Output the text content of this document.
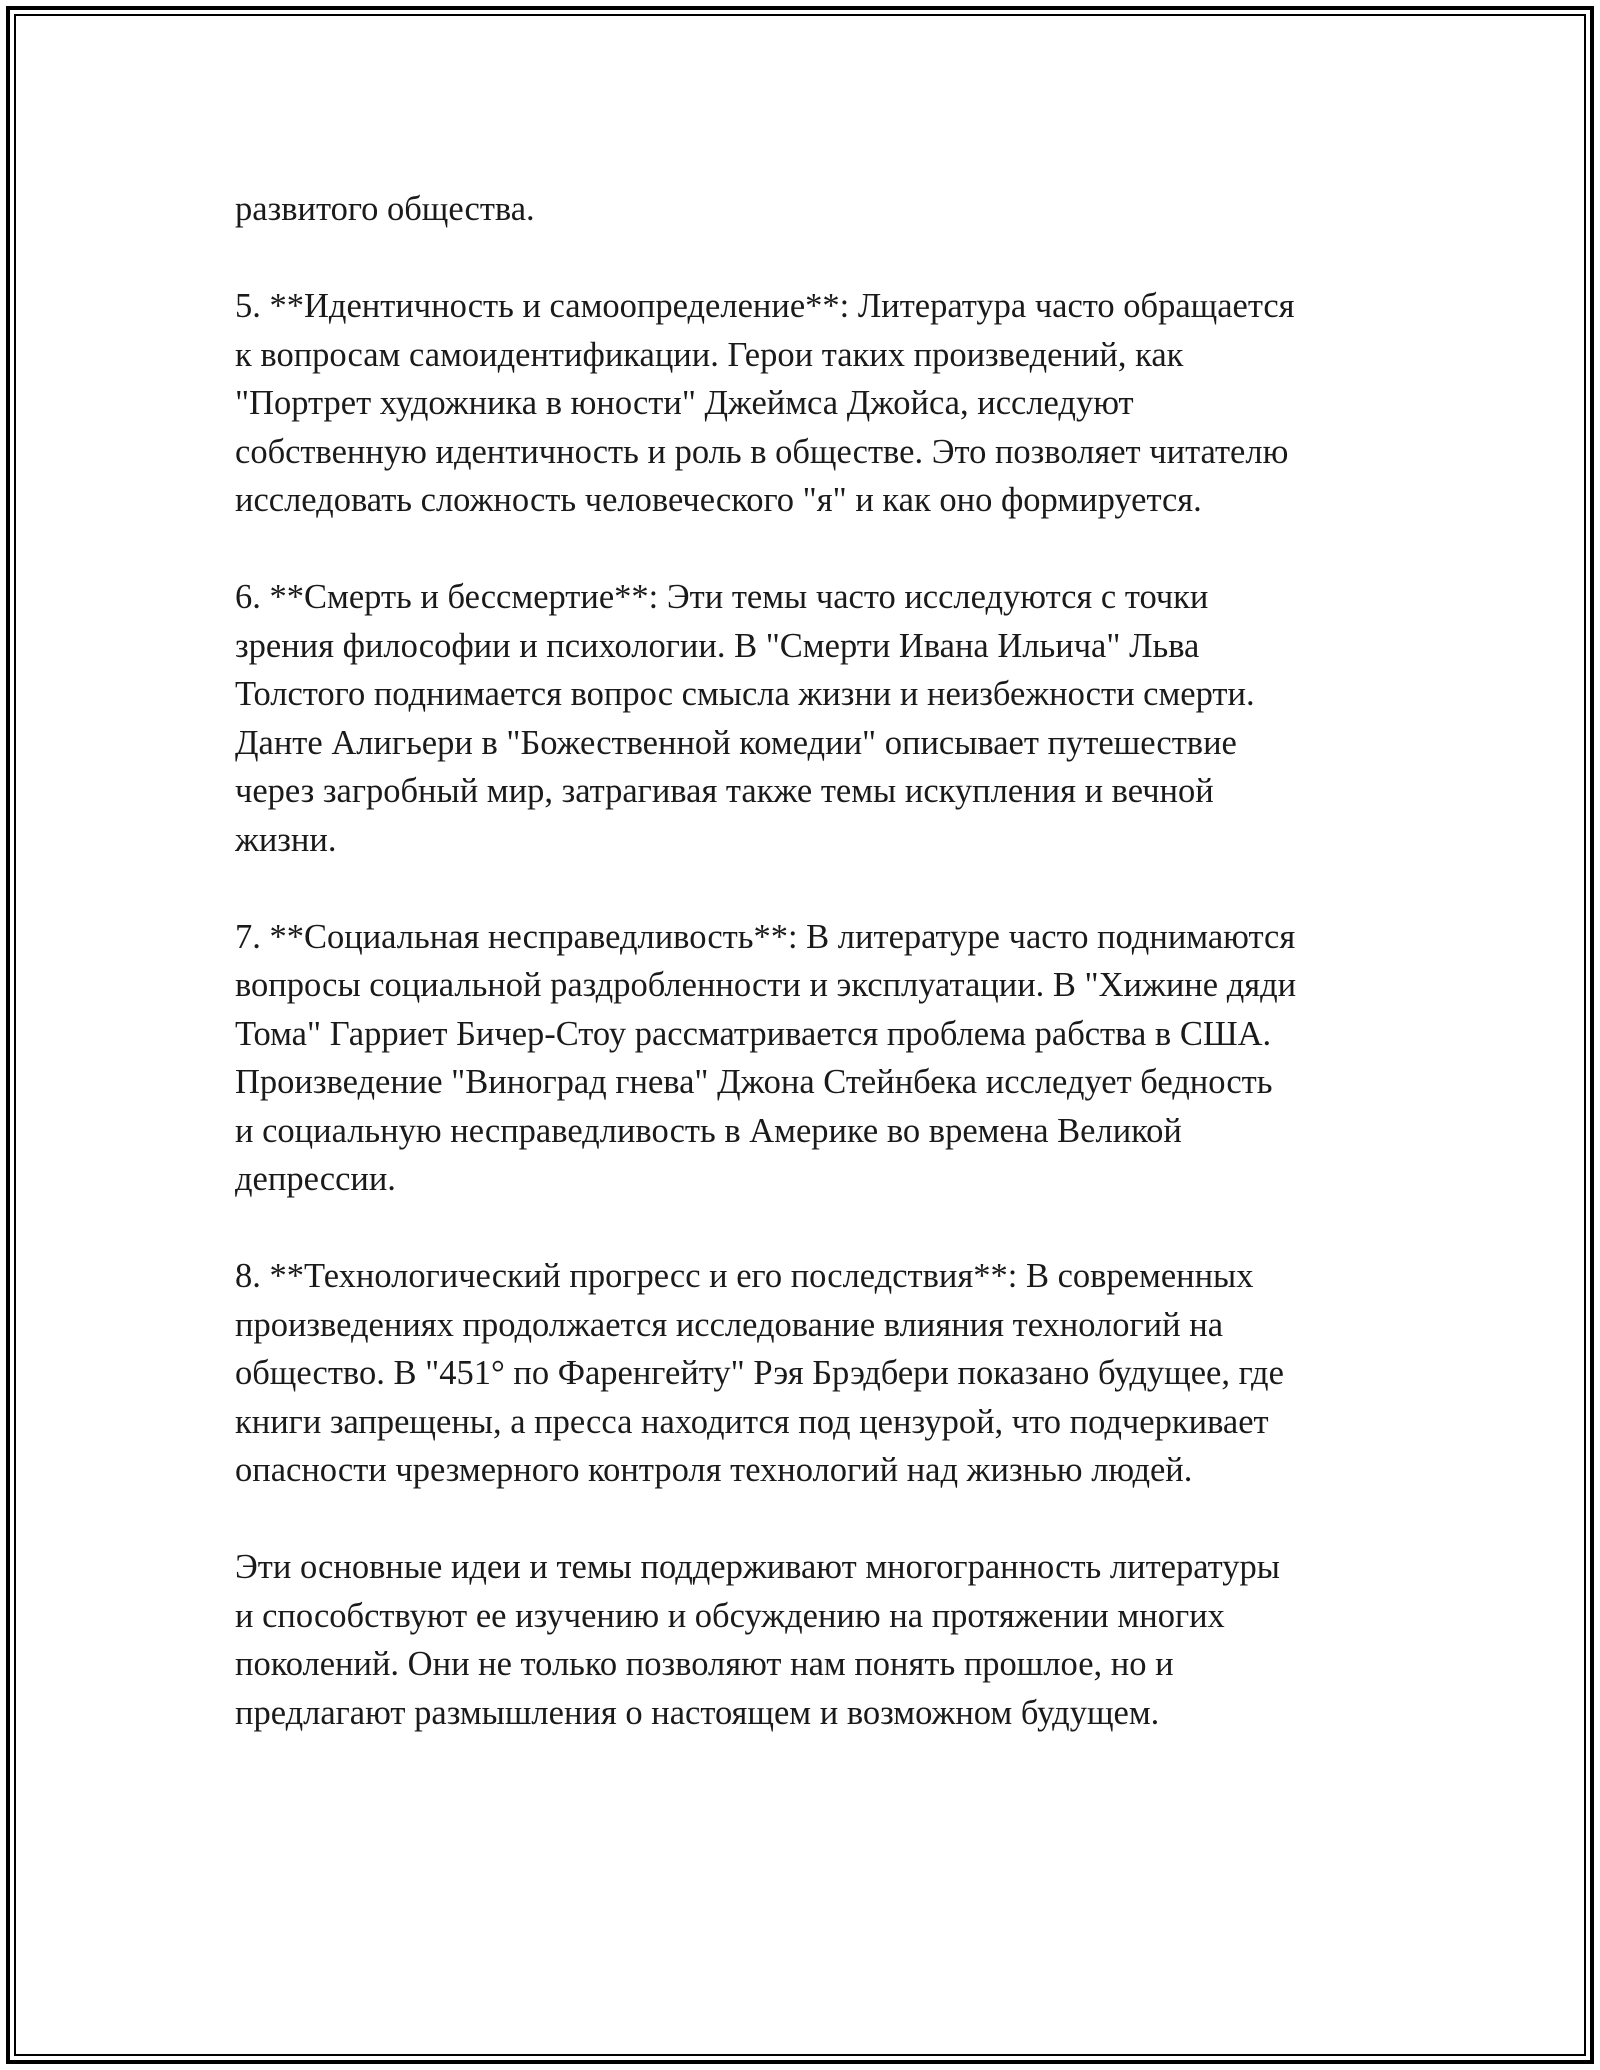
развитого общества.

5. **Идентичность и самоопределение**: Литература часто обращается
к вопросам самоидентификации. Герои таких произведений, как
"Портрет художника в юности" Джеймса Джойса, исследуют
собственную идентичность и роль в обществе. Это позволяет читателю
исследовать сложность человеческого "я" и как оно формируется.

6. **Смерть и бессмертие**: Эти темы часто исследуются с точки
зрения философии и психологии. В "Смерти Ивана Ильича" Льва
Толстого поднимается вопрос смысла жизни и неизбежности смерти.
Данте Алигьери в "Божественной комедии" описывает путешествие
через загробный мир, затрагивая также темы искупления и вечной
жизни.

7. **Социальная несправедливость**: В литературе часто поднимаются
вопросы социальной раздробленности и эксплуатации. В "Хижине дяди
Тома" Гарриет Бичер-Стоу рассматривается проблема рабства в США.
Произведение "Виноград гнева" Джона Стейнбека исследует бедность
и социальную несправедливость в Америке во времена Великой
депрессии.

8. **Технологический прогресс и его последствия**: В современных
произведениях продолжается исследование влияния технологий на
общество. В "451° по Фаренгейту" Рэя Брэдбери показано будущее, где
книги запрещены, а пресса находится под цензурой, что подчеркивает
опасности чрезмерного контроля технологий над жизнью людей.

Эти основные идеи и темы поддерживают многогранность литературы
и способствуют ее изучению и обсуждению на протяжении многих
поколений. Они не только позволяют нам понять прошлое, но и
предлагают размышления о настоящем и возможном будущем.
